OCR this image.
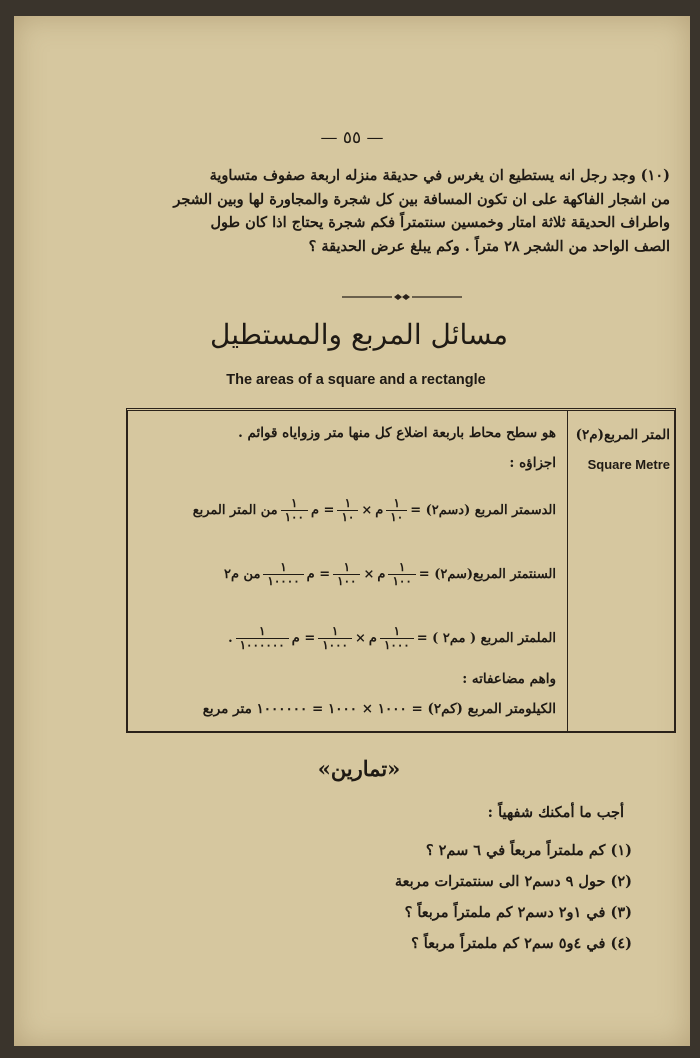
— ٥٥ —

(١٠) وجد رجل انه يستطيع ان يغرس في حديقة منزله اربعة صفوف متساوية

من اشجار الفاكهة على ان تكون المسافة بين كل شجرة والمجاورة لها وبين الشجر

واطراف الحديقة ثلاثة امتار وخمسين سنتمتراً فكم شجرة يحتاج اذا كان طول

الصف الواحد من الشجر ٢٨ متراً . وكم يبلغ عرض الحديقة ؟

مسائل المربع والمستطيل
The areas of a square and a rectangle
المتر المربع(م٢)
Square Metre
هو سطح محاط باربعة اضلاع كل منها متر وزواياه قوائم .
اجزاؤه :
من المتر المربع $\frac{١}{١٠٠}$ م = $\frac{١}{١٠}$ × م $\frac{١}{١٠}$ الدسمتر المربع (دسم٢) =
من م٢ $\frac{١}{١٠٠٠٠}$ م = $\frac{١}{١٠٠}$ × م $\frac{١}{١٠٠}$ السنتمتر المربع(سم٢) =
. $\frac{١}{١٠٠٠٠٠٠}$ م = $\frac{١}{١٠٠٠}$ × م $\frac{١}{١٠٠٠}$ الملمتر المربع ( مم٢ ) =
واهم مضاعفاته :
الكيلومتر المربع (كم٢) = ١٠٠٠ × ١٠٠٠ = ١٠٠٠٠٠٠ متر مربع
«تمارين»
أجب ما أمكنك شفهياً :
(١) كم ملمتراً مربعاً في ٦ سم٢ ؟
(٢) حول ٩ دسم٢ الى سنتمترات مربعة
(٣) في ١و٢ دسم٢ كم ملمتراً مربعاً ؟
(٤) في ٤و٥ سم٢ كم ملمتراً مربعاً ؟
